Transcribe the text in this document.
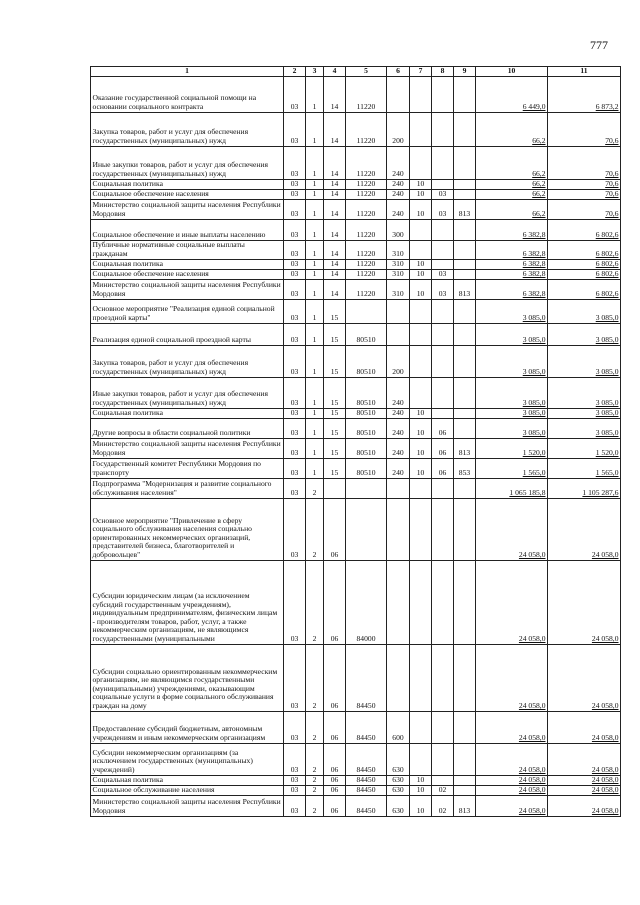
777
1	2	3	4	5	6	7	8	9	10	11
Оказание государственной социальной помощи на основании социального контракта	03	1	14	11220					6 449,0	6 873,2
Закупка товаров, работ и услуг для обеспечения государственных (муниципальных) нужд	03	1	14	11220	200				66,2	70,6
Иные закупки товаров, работ и услуг для обеспечения государственных (муниципальных) нужд	03	1	14	11220	240				66,2	70,6
Социальная политика	03	1	14	11220	240	10			66,2	70,6
Социальное обеспечение населения	03	1	14	11220	240	10	03		66,2	70,6
Министерство социальной защиты населения Республики Мордовия	03	1	14	11220	240	10	03	813	66,2	70,6
Социальное обеспечение и иные выплаты населению	03	1	14	11220	300				6 382,8	6 802,6
Публичные нормативные социальные выплаты гражданам	03	1	14	11220	310				6 382,8	6 802,6
Социальная политика	03	1	14	11220	310	10			6 382,8	6 802,6
Социальное обеспечение населения	03	1	14	11220	310	10	03		6 382,8	6 802,6
Министерство социальной защиты населения Республики Мордовия	03	1	14	11220	310	10	03	813	6 382,8	6 802,6
Основное мероприятие "Реализация единой социальной проездной карты"	03	1	15						3 085,0	3 085,0
Реализация единой социальной проездной карты	03	1	15	80510					3 085,0	3 085,0
Закупка товаров, работ и услуг для обеспечения государственных (муниципальных) нужд	03	1	15	80510	200				3 085,0	3 085,0
Иные закупки товаров, работ и услуг для обеспечения государственных (муниципальных) нужд	03	1	15	80510	240				3 085,0	3 085,0
Социальная политика	03	1	15	80510	240	10			3 085,0	3 085,0
Другие вопросы в области социальной политики	03	1	15	80510	240	10	06		3 085,0	3 085,0
Министерство социальной защиты населения Республики Мордовия	03	1	15	80510	240	10	06	813	1 520,0	1 520,0
Государственный комитет Республики Мордовия по транспорту	03	1	15	80510	240	10	06	853	1 565,0	1 565,0
Подпрограмма "Модернизация и развитие социального обслуживания населения"	03	2							1 065 185,8	1 105 287,6
Основное мероприятие "Привлечение в сферу социального обслуживания населения социально ориентированных некоммерческих организаций, представителей бизнеса, благотворителей и добровольцев"	03	2	06						24 058,0	24 058,0
Субсидии юридическим лицам (за исключением субсидий государственным учреждениям), индивидуальным предпринимателям, физическим лицам - производителям товаров, работ, услуг, а также некоммерческим организациям, не являющимся государственными (муниципальными	03	2	06	84000					24 058,0	24 058,0
Субсидии социально ориентированным некоммерческим организациям, не являющимся государственными (муниципальными) учреждениями, оказывающим социальные услуги в форме социального обслуживания граждан на дому	03	2	06	84450					24 058,0	24 058,0
Предоставление субсидий бюджетным, автономным учреждениям и иным некоммерческим организациям	03	2	06	84450	600				24 058,0	24 058,0
Субсидии некоммерческим организациям (за исключением государственных (муниципальных) учреждений)	03	2	06	84450	630				24 058,0	24 058,0
Социальная политика	03	2	06	84450	630	10			24 058,0	24 058,0
Социальное обслуживание населения	03	2	06	84450	630	10	02		24 058,0	24 058,0
Министерство социальной защиты населения Республики Мордовия	03	2	06	84450	630	10	02	813	24 058,0	24 058,0
